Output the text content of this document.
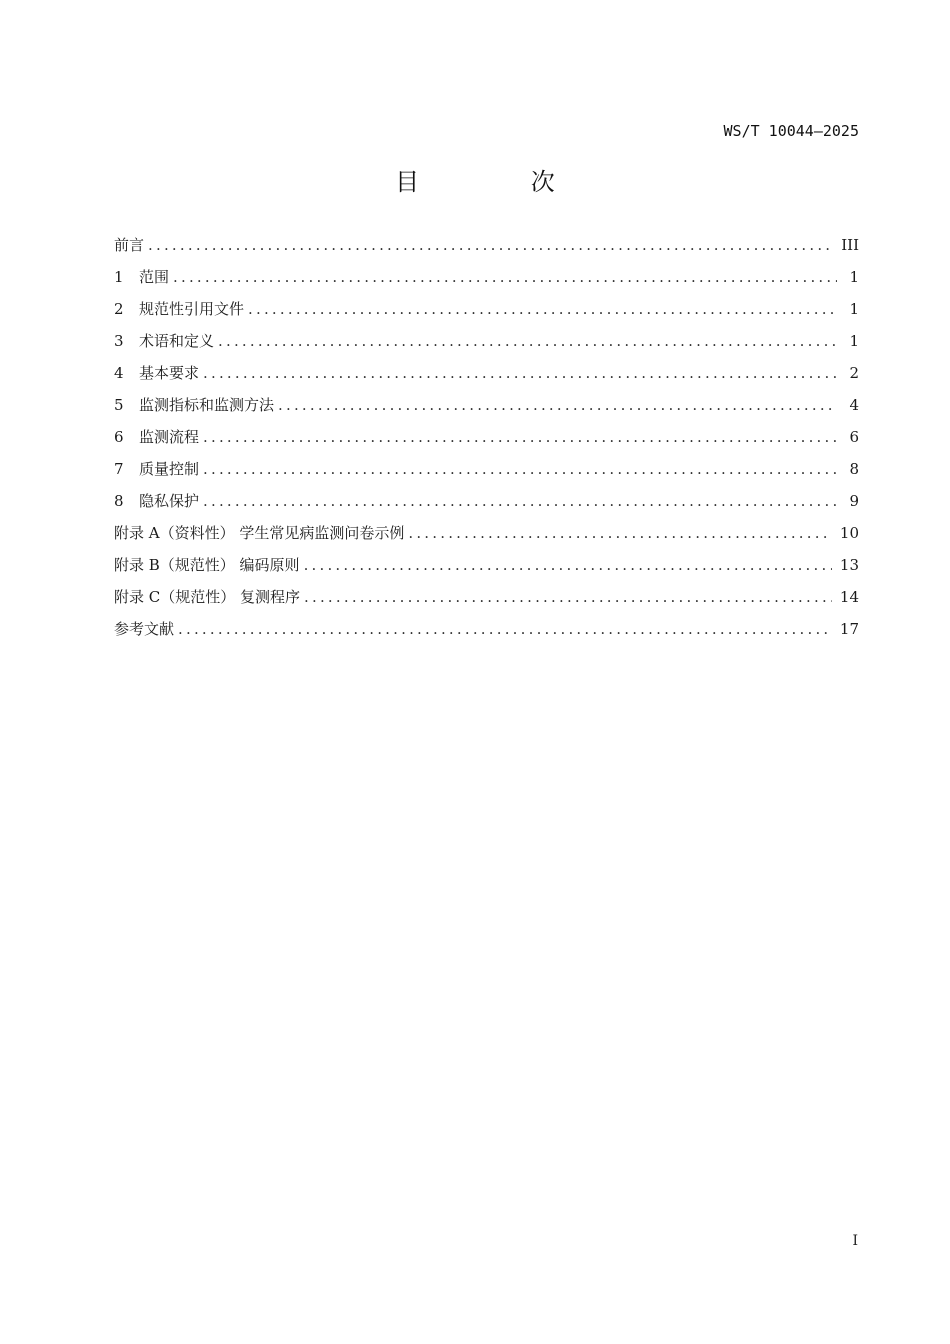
WS/T 10044—2025
目 次
前言 .....	III
1 范围 .....	1
2 规范性引用文件 .....	1
3 术语和定义 .....	1
4 基本要求 .....	2
5 监测指标和监测方法 .....	4
6 监测流程 .....	6
7 质量控制 .....	8
8 隐私保护 .....	9
附录 A（资料性） 学生常见病监测问卷示例 .....	10
附录 B（规范性） 编码原则 .....	13
附录 C（规范性） 复测程序 .....	14
参考文献 .....	17
I
